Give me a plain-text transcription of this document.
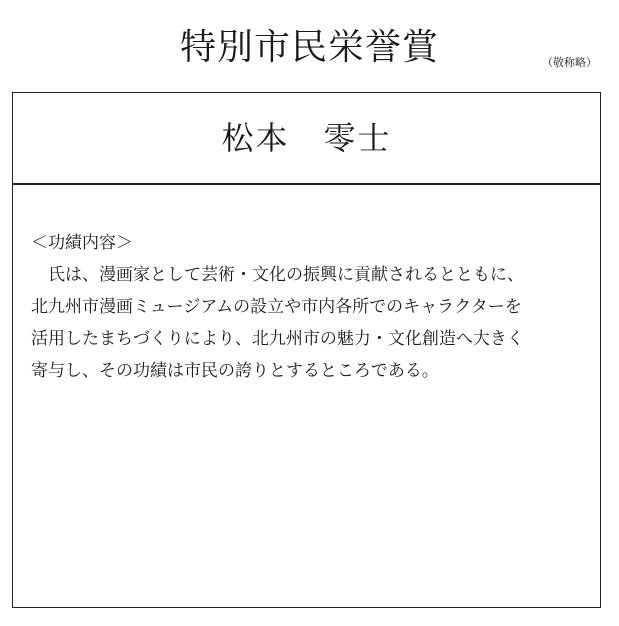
特別市民栄誉賞	（敬称略）
松本　零士

＜功績内容＞

　氏は、漫画家として芸術・文化の振興に貢献されるとともに、

北九州市漫画ミュージアムの設立や市内各所でのキャラクターを

活用したまちづくりにより、北九州市の魅力・文化創造へ大きく

寄与し、その功績は市民の誇りとするところである。
